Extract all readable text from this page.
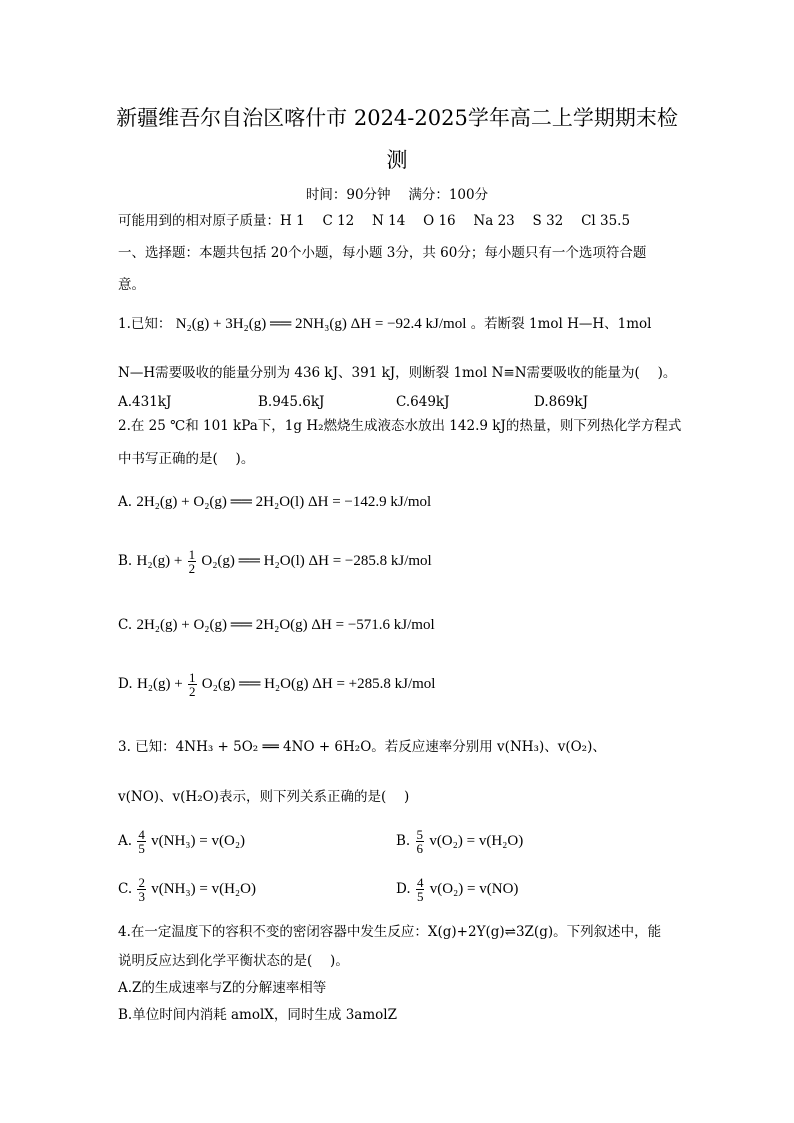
新疆维吾尔自治区喀什市 2024-2025学年高二上学期期末检
测
时间：90分钟　 满分：100分
可能用到的相对原子质量：H 1　 C 12　 N 14　 O 16　 Na 23　 S 32　 Cl 35.5
一、选择题：本题共包括 20个小题，每小题 3分，共 60分；每小题只有一个选项符合题
意。
1.已知： N₂(g) + 3H₂(g) ══ 2NH₃(g) ΔH = −92.4 kJ/mol 。若断裂 1mol H—H、1mol
N—H需要吸收的能量分别为 436 kJ、391 kJ，则断裂 1mol N≡N需要吸收的能量为(　 )。
A.431kJ	B.945.6kJ	C.649kJ	D.869kJ
2.在 25 ℃和 101 kPa下，1g H₂燃烧生成液态水放出 142.9 kJ的热量，则下列热化学方程式
中书写正确的是(　 )。
A. 2H₂(g) + O₂(g) ══ 2H₂O(l) ΔH = −142.9 kJ/mol
B. $H_2(g) + \frac{1}{2} O_2(g)$ ══ H₂O(l) ΔH = −285.8 kJ/mol
C. 2H₂(g) + O₂(g) ══ 2H₂O(g) ΔH = −571.6 kJ/mol
D. $H_2(g) + \frac{1}{2} O_2(g)$ ══ H₂O(g) ΔH = +285.8 kJ/mol
3. 已知：4NH₃ + 5O₂ ══ 4NO + 6H₂O。若反应速率分别用 v(NH₃)、v(O₂)、
v(NO)、v(H₂O)表示，则下列关系正确的是(　 )
A. $\frac{4}{5} v(NH_3) = v(O_2)$	B. $\frac{5}{6} v(O_2) = v(H_2O)$
C. $\frac{2}{3} v(NH_3) = v(H_2O)$	D. $\frac{4}{5} v(O_2) = v(NO)$
4.在一定温度下的容积不变的密闭容器中发生反应：X(g)+2Y(g)⇌3Z(g)。下列叙述中，能
说明反应达到化学平衡状态的是(　 )。
A.Z的生成速率与Z的分解速率相等
B.单位时间内消耗 amolX，同时生成 3amolZ
